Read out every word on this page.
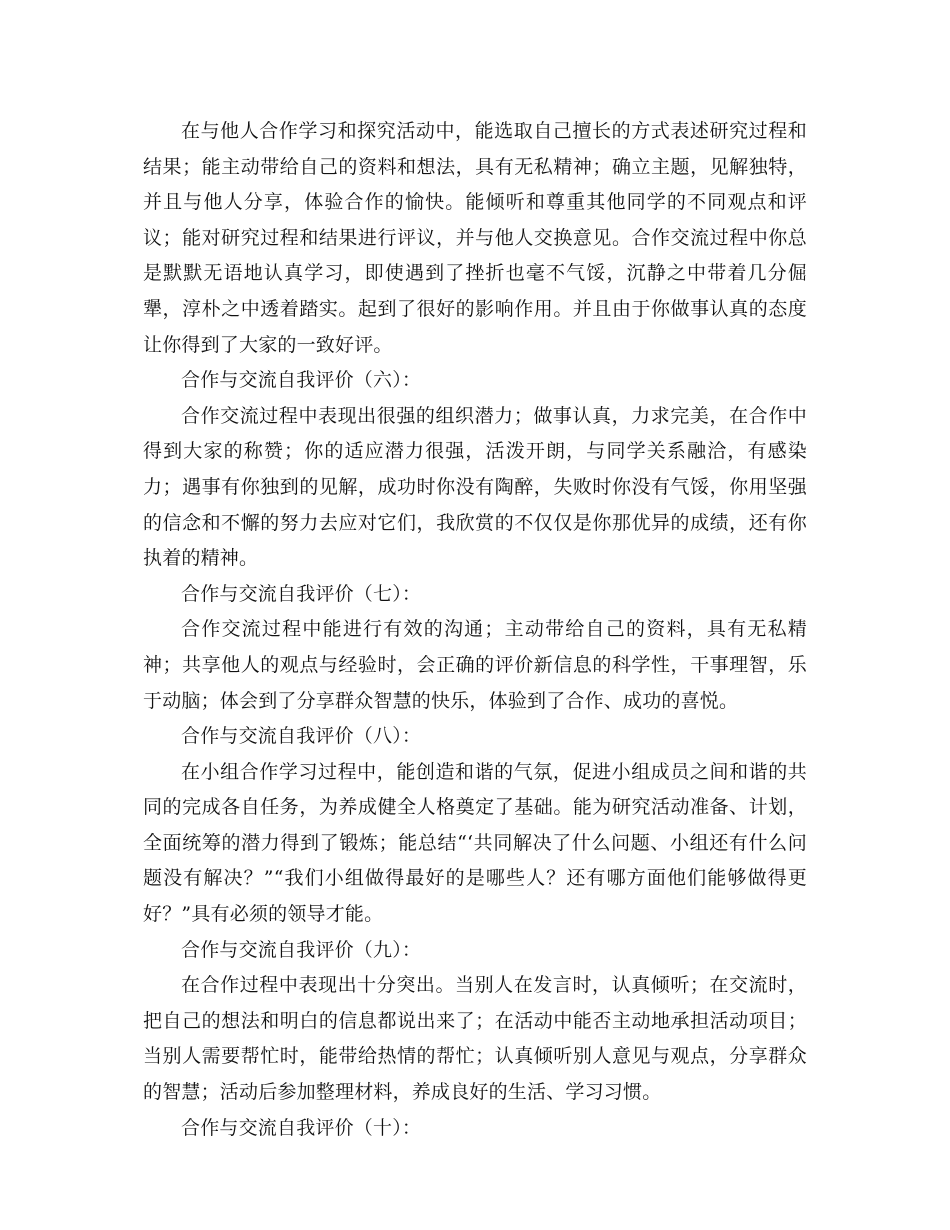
在与他人合作学习和探究活动中，能选取自己擅长的方式表述研究过程和结果；能主动带给自己的资料和想法，具有无私精神；确立主题，见解独特，并且与他人分享，体验合作的愉快。能倾听和尊重其他同学的不同观点和评议；能对研究过程和结果进行评议，并与他人交换意见。合作交流过程中你总是默默无语地认真学习，即使遇到了挫折也毫不气馁，沉静之中带着几分倔犟，淳朴之中透着踏实。起到了很好的影响作用。并且由于你做事认真的态度让你得到了大家的一致好评。

合作与交流自我评价（六）：

合作交流过程中表现出很强的组织潜力；做事认真，力求完美，在合作中得到大家的称赞；你的适应潜力很强，活泼开朗，与同学关系融洽，有感染力；遇事有你独到的见解，成功时你没有陶醉，失败时你没有气馁，你用坚强的信念和不懈的努力去应对它们，我欣赏的不仅仅是你那优异的成绩，还有你执着的精神。

合作与交流自我评价（七）：

合作交流过程中能进行有效的沟通；主动带给自己的资料，具有无私精神；共享他人的观点与经验时，会正确的评价新信息的科学性，干事理智，乐于动脑；体会到了分享群众智慧的快乐，体验到了合作、成功的喜悦。

合作与交流自我评价（八）：

在小组合作学习过程中，能创造和谐的气氛，促进小组成员之间和谐的共同的完成各自任务，为养成健全人格奠定了基础。能为研究活动准备、计划，全面统筹的潜力得到了锻炼；能总结“‘共同解决了什么问题、小组还有什么问题没有解决？”“我们小组做得最好的是哪些人？还有哪方面他们能够做得更好？”具有必须的领导才能。

合作与交流自我评价（九）：

在合作过程中表现出十分突出。当别人在发言时，认真倾听；在交流时，把自己的想法和明白的信息都说出来了；在活动中能否主动地承担活动项目；当别人需要帮忙时，能带给热情的帮忙；认真倾听别人意见与观点，分享群众的智慧；活动后参加整理材料，养成良好的生活、学习习惯。

合作与交流自我评价（十）：
